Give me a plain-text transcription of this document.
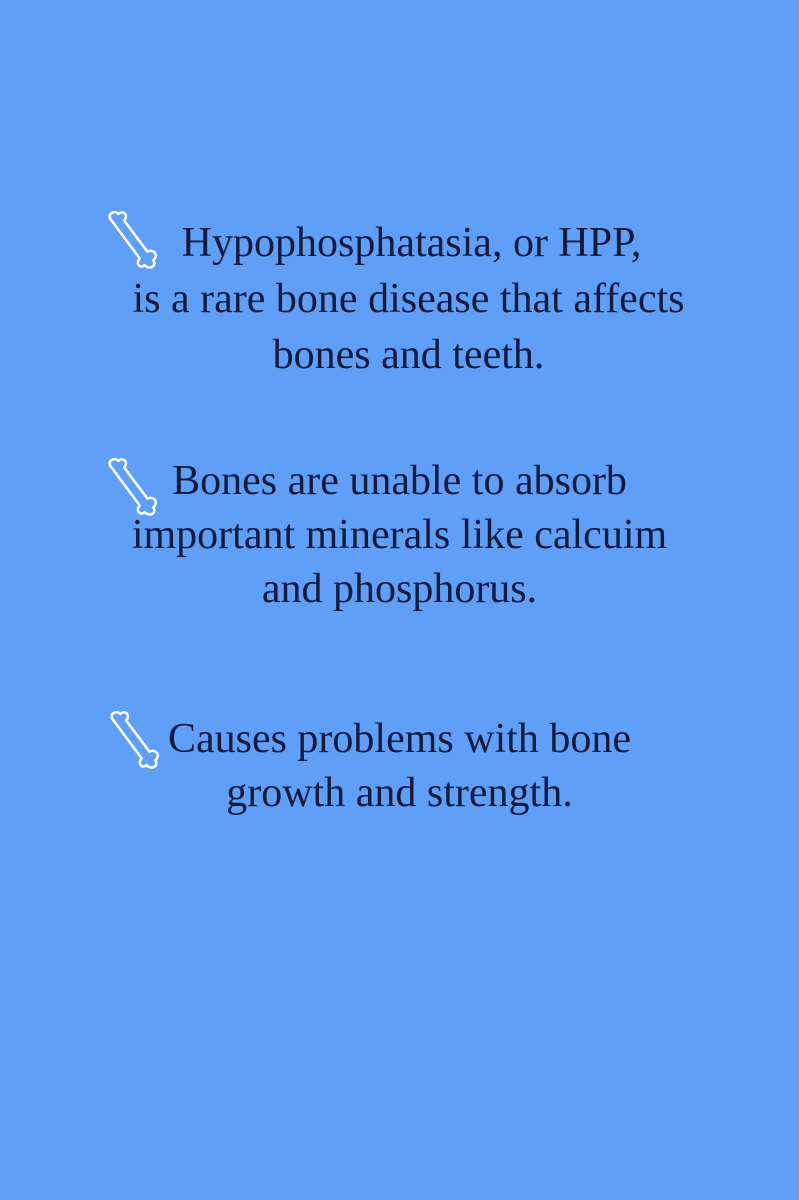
Hypophosphatasia, or HPP,

is a rare bone disease that affects

bones and teeth.

Bones are unable to absorb

important minerals like calcuim

and phosphorus.

Causes problems with bone

growth and strength.
